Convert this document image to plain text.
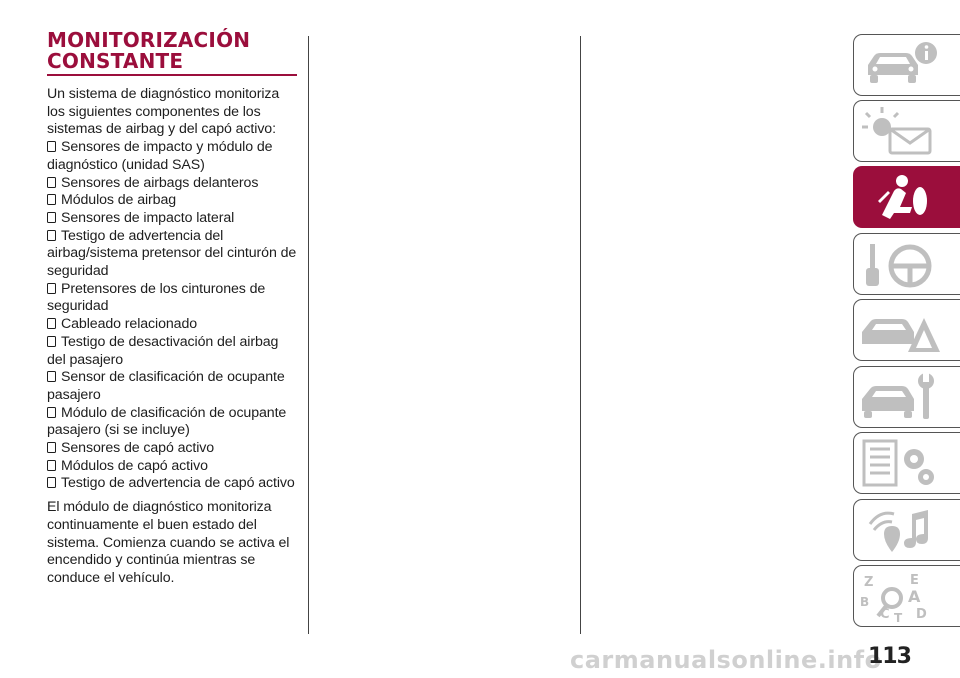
MONITORIZACIÓN
CONSTANTE

Un sistema de diagnóstico monitoriza los siguientes componentes de los sistemas de airbag y del capó activo:

Sensores de impacto y módulo de diagnóstico (unidad SAS)
Sensores de airbags delanteros
Módulos de airbag
Sensores de impacto lateral
Testigo de advertencia del airbag/sistema pretensor del cinturón de seguridad
Pretensores de los cinturones de seguridad
Cableado relacionado
Testigo de desactivación del airbag del pasajero
Sensor de clasificación de ocupante pasajero
Módulo de clasificación de ocupante pasajero (si se incluye)
Sensores de capó activo
Módulos de capó activo
Testigo de advertencia de capó activo

El módulo de diagnóstico monitoriza continuamente el buen estado del sistema. Comienza cuando se activa el encendido y continúa mientras se conduce el vehículo.	Z	E
B A
D
C T
carmanualsonline.info
113
